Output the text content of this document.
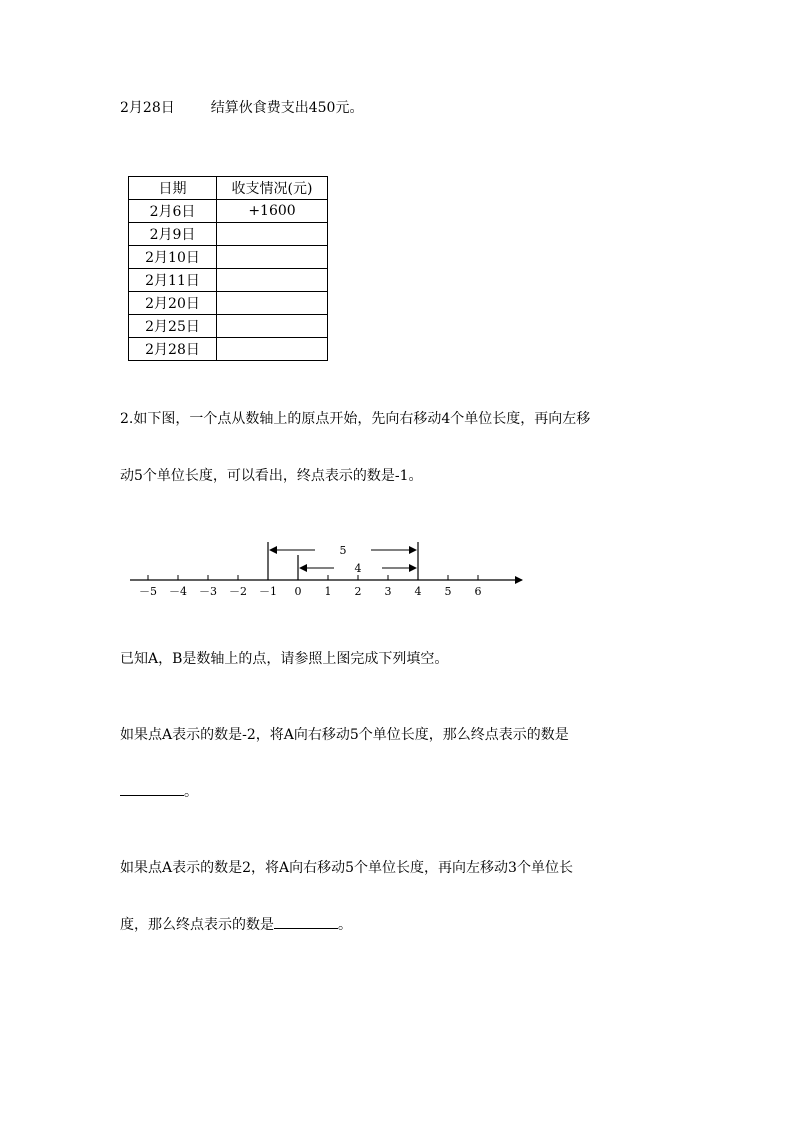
2月28日	结算伙食费支出450元。
日期	收支情况(元)
2月6日	+1600
2月9日	
2月10日	
2月11日	
2月20日	
2月25日	
2月28日	
2.如下图，一个点从数轴上的原点开始，先向右移动4个单位长度，再向左移
动5个单位长度，可以看出，终点表示的数是-1。
－5 －4 －3 －2 －1 0 1 2 3 4 5 6
5
4
已知A，B是数轴上的点，请参照上图完成下列填空。
如果点A表示的数是-2，将A向右移动5个单位长度，那么终点表示的数是
。
如果点A表示的数是2，将A向右移动5个单位长度，再向左移动3个单位长
度，那么终点表示的数是	。
